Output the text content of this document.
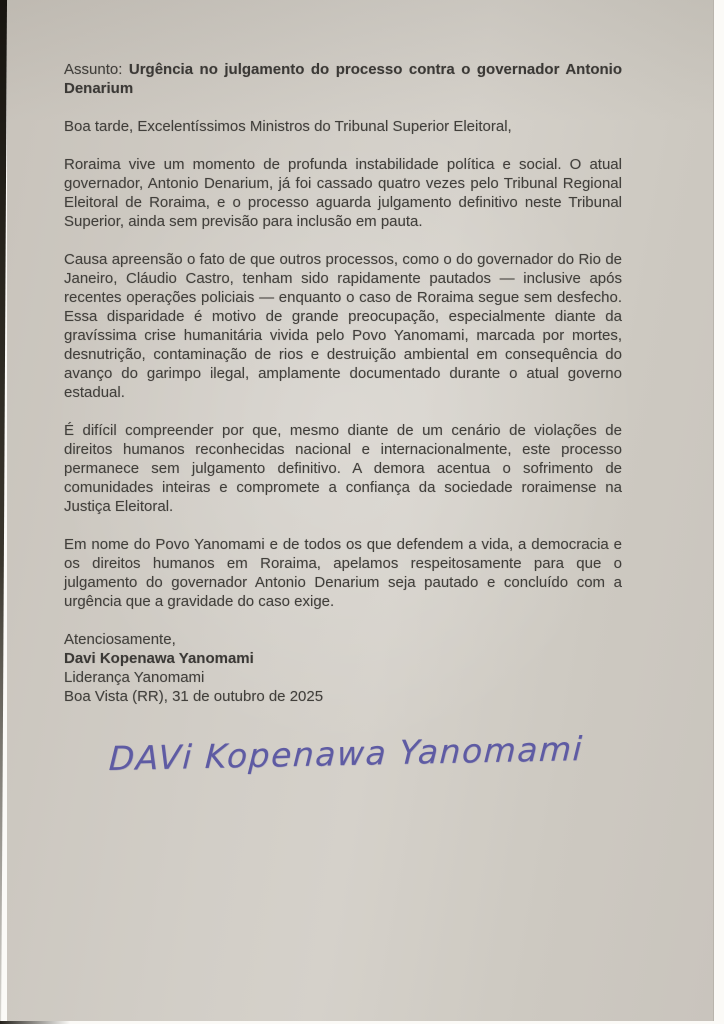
Assunto: Urgência no julgamento do processo contra o governador Antonio Denarium

Boa tarde, Excelentíssimos Ministros do Tribunal Superior Eleitoral,

Roraima vive um momento de profunda instabilidade política e social. O atual governador, Antonio Denarium, já foi cassado quatro vezes pelo Tribunal Regional Eleitoral de Roraima, e o processo aguarda julgamento definitivo neste Tribunal Superior, ainda sem previsão para inclusão em pauta.

Causa apreensão o fato de que outros processos, como o do governador do Rio de Janeiro, Cláudio Castro, tenham sido rapidamente pautados — inclusive após recentes operações policiais — enquanto o caso de Roraima segue sem desfecho. Essa disparidade é motivo de grande preocupação, especialmente diante da gravíssima crise humanitária vivida pelo Povo Yanomami, marcada por mortes, desnutrição, contaminação de rios e destruição ambiental em consequência do avanço do garimpo ilegal, amplamente documentado durante o atual governo estadual.

É difícil compreender por que, mesmo diante de um cenário de violações de direitos humanos reconhecidas nacional e internacionalmente, este processo permanece sem julgamento definitivo. A demora acentua o sofrimento de comunidades inteiras e compromete a confiança da sociedade roraimense na Justiça Eleitoral.

Em nome do Povo Yanomami e de todos os que defendem a vida, a democracia e os direitos humanos em Roraima, apelamos respeitosamente para que o julgamento do governador Antonio Denarium seja pautado e concluído com a urgência que a gravidade do caso exige.

Atenciosamente,

Davi Kopenawa Yanomami

Liderança Yanomami

Boa Vista (RR), 31 de outubro de 2025

DAVi Kopenawa Yanomami
